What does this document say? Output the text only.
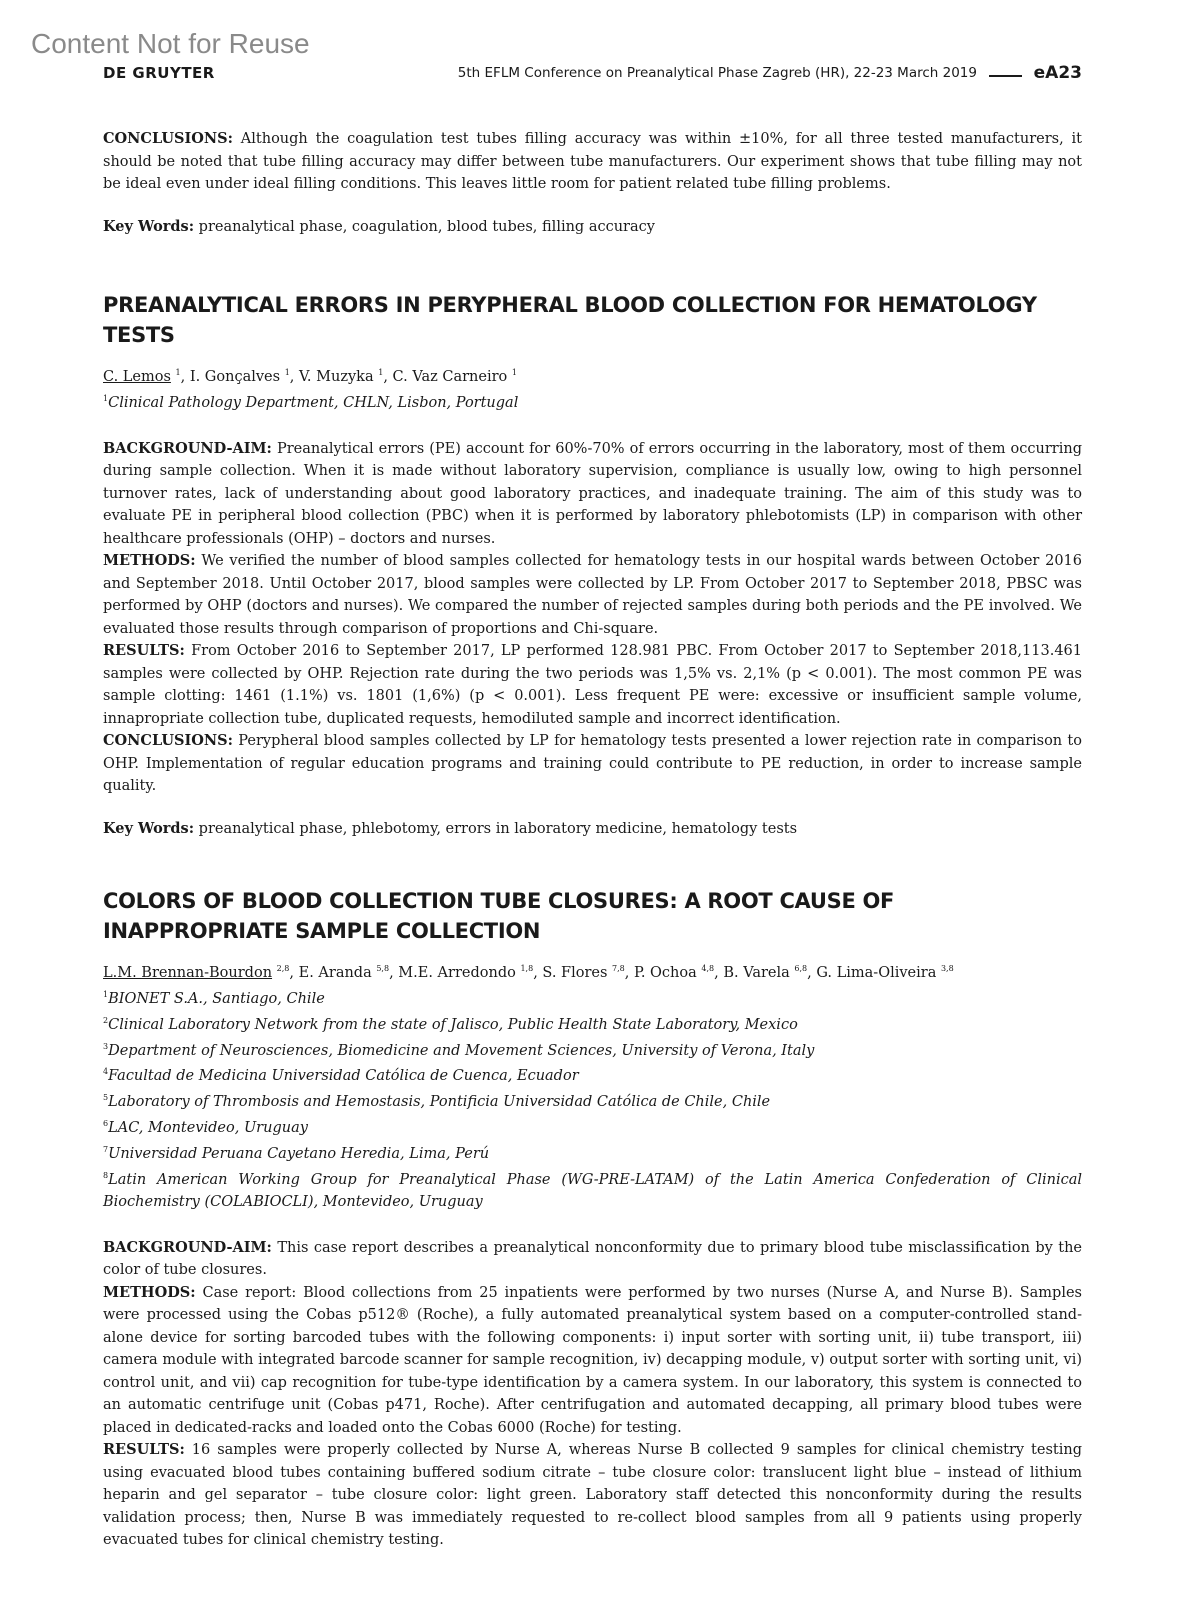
Content Not for Reuse
DE GRUYTER	5th EFLM Conference on Preanalytical Phase Zagreb (HR), 22-23 March 2019	eA23

CONCLUSIONS: Although the coagulation test tubes filling accuracy was within ±10%, for all three tested manufacturers, it should be noted that tube filling accuracy may differ between tube manufacturers. Our experiment shows that tube filling may not be ideal even under ideal filling conditions. This leaves little room for patient related tube filling problems.

Key Words: preanalytical phase, coagulation, blood tubes, filling accuracy

PREANALYTICAL ERRORS IN PERYPHERAL BLOOD COLLECTION FOR HEMATOLOGY TESTS
C. Lemos $^1$, I. Gonçalves $^1$, V. Muzyka $^1$, C. Vaz Carneiro $^1$

$^1$Clinical Pathology Department, CHLN, Lisbon, Portugal

BACKGROUND-AIM: Preanalytical errors (PE) account for 60%-70% of errors occurring in the laboratory, most of them occurring during sample collection. When it is made without laboratory supervision, compliance is usually low, owing to high personnel turnover rates, lack of understanding about good laboratory practices, and inadequate training. The aim of this study was to evaluate PE in peripheral blood collection (PBC) when it is performed by laboratory phlebotomists (LP) in comparison with other healthcare professionals (OHP) – doctors and nurses.

METHODS: We verified the number of blood samples collected for hematology tests in our hospital wards between October 2016 and September 2018. Until October 2017, blood samples were collected by LP. From October 2017 to September 2018, PBSC was performed by OHP (doctors and nurses). We compared the number of rejected samples during both periods and the PE involved. We evaluated those results through comparison of proportions and Chi-square.

RESULTS: From October 2016 to September 2017, LP performed 128.981 PBC. From October 2017 to September 2018,113.461 samples were collected by OHP. Rejection rate during the two periods was 1,5% vs. 2,1% (p < 0.001). The most common PE was sample clotting: 1461 (1.1%) vs. 1801 (1,6%) (p < 0.001). Less frequent PE were: excessive or insufficient sample volume, innapropriate collection tube, duplicated requests, hemodiluted sample and incorrect identification.

CONCLUSIONS: Perypheral blood samples collected by LP for hematology tests presented a lower rejection rate in comparison to OHP. Implementation of regular education programs and training could contribute to PE reduction, in order to increase sample quality.

Key Words: preanalytical phase, phlebotomy, errors in laboratory medicine, hematology tests

COLORS OF BLOOD COLLECTION TUBE CLOSURES: A ROOT CAUSE OF INAPPROPRIATE SAMPLE COLLECTION
L.M. Brennan-Bourdon $^{2,8}$, E. Aranda $^{5,8}$, M.E. Arredondo $^{1,8}$, S. Flores $^{7,8}$, P. Ochoa $^{4,8}$, B. Varela $^{6,8}$, G. Lima-Oliveira $^{3,8}$

$^1$BIONET S.A., Santiago, Chile

$^2$Clinical Laboratory Network from the state of Jalisco, Public Health State Laboratory, Mexico

$^3$Department of Neurosciences, Biomedicine and Movement Sciences, University of Verona, Italy

$^4$Facultad de Medicina Universidad Católica de Cuenca, Ecuador

$^5$Laboratory of Thrombosis and Hemostasis, Pontificia Universidad Católica de Chile, Chile

$^6$LAC, Montevideo, Uruguay

$^7$Universidad Peruana Cayetano Heredia, Lima, Perú

$^8$Latin American Working Group for Preanalytical Phase (WG-PRE-LATAM) of the Latin America Confederation of Clinical Biochemistry (COLABIOCLI), Montevideo, Uruguay

BACKGROUND-AIM: This case report describes a preanalytical nonconformity due to primary blood tube misclassification by the color of tube closures.

METHODS: Case report: Blood collections from 25 inpatients were performed by two nurses (Nurse A, and Nurse B). Samples were processed using the Cobas p512® (Roche), a fully automated preanalytical system based on a computer-controlled stand-alone device for sorting barcoded tubes with the following components: i) input sorter with sorting unit, ii) tube transport, iii) camera module with integrated barcode scanner for sample recognition, iv) decapping module, v) output sorter with sorting unit, vi) control unit, and vii) cap recognition for tube-type identification by a camera system. In our laboratory, this system is connected to an automatic centrifuge unit (Cobas p471, Roche). After centrifugation and automated decapping, all primary blood tubes were placed in dedicated-racks and loaded onto the Cobas 6000 (Roche) for testing.

RESULTS: 16 samples were properly collected by Nurse A, whereas Nurse B collected 9 samples for clinical chemistry testing using evacuated blood tubes containing buffered sodium citrate – tube closure color: translucent light blue – instead of lithium heparin and gel separator – tube closure color: light green. Laboratory staff detected this nonconformity during the results validation process; then, Nurse B was immediately requested to re-collect blood samples from all 9 patients using properly evacuated tubes for clinical chemistry testing.
